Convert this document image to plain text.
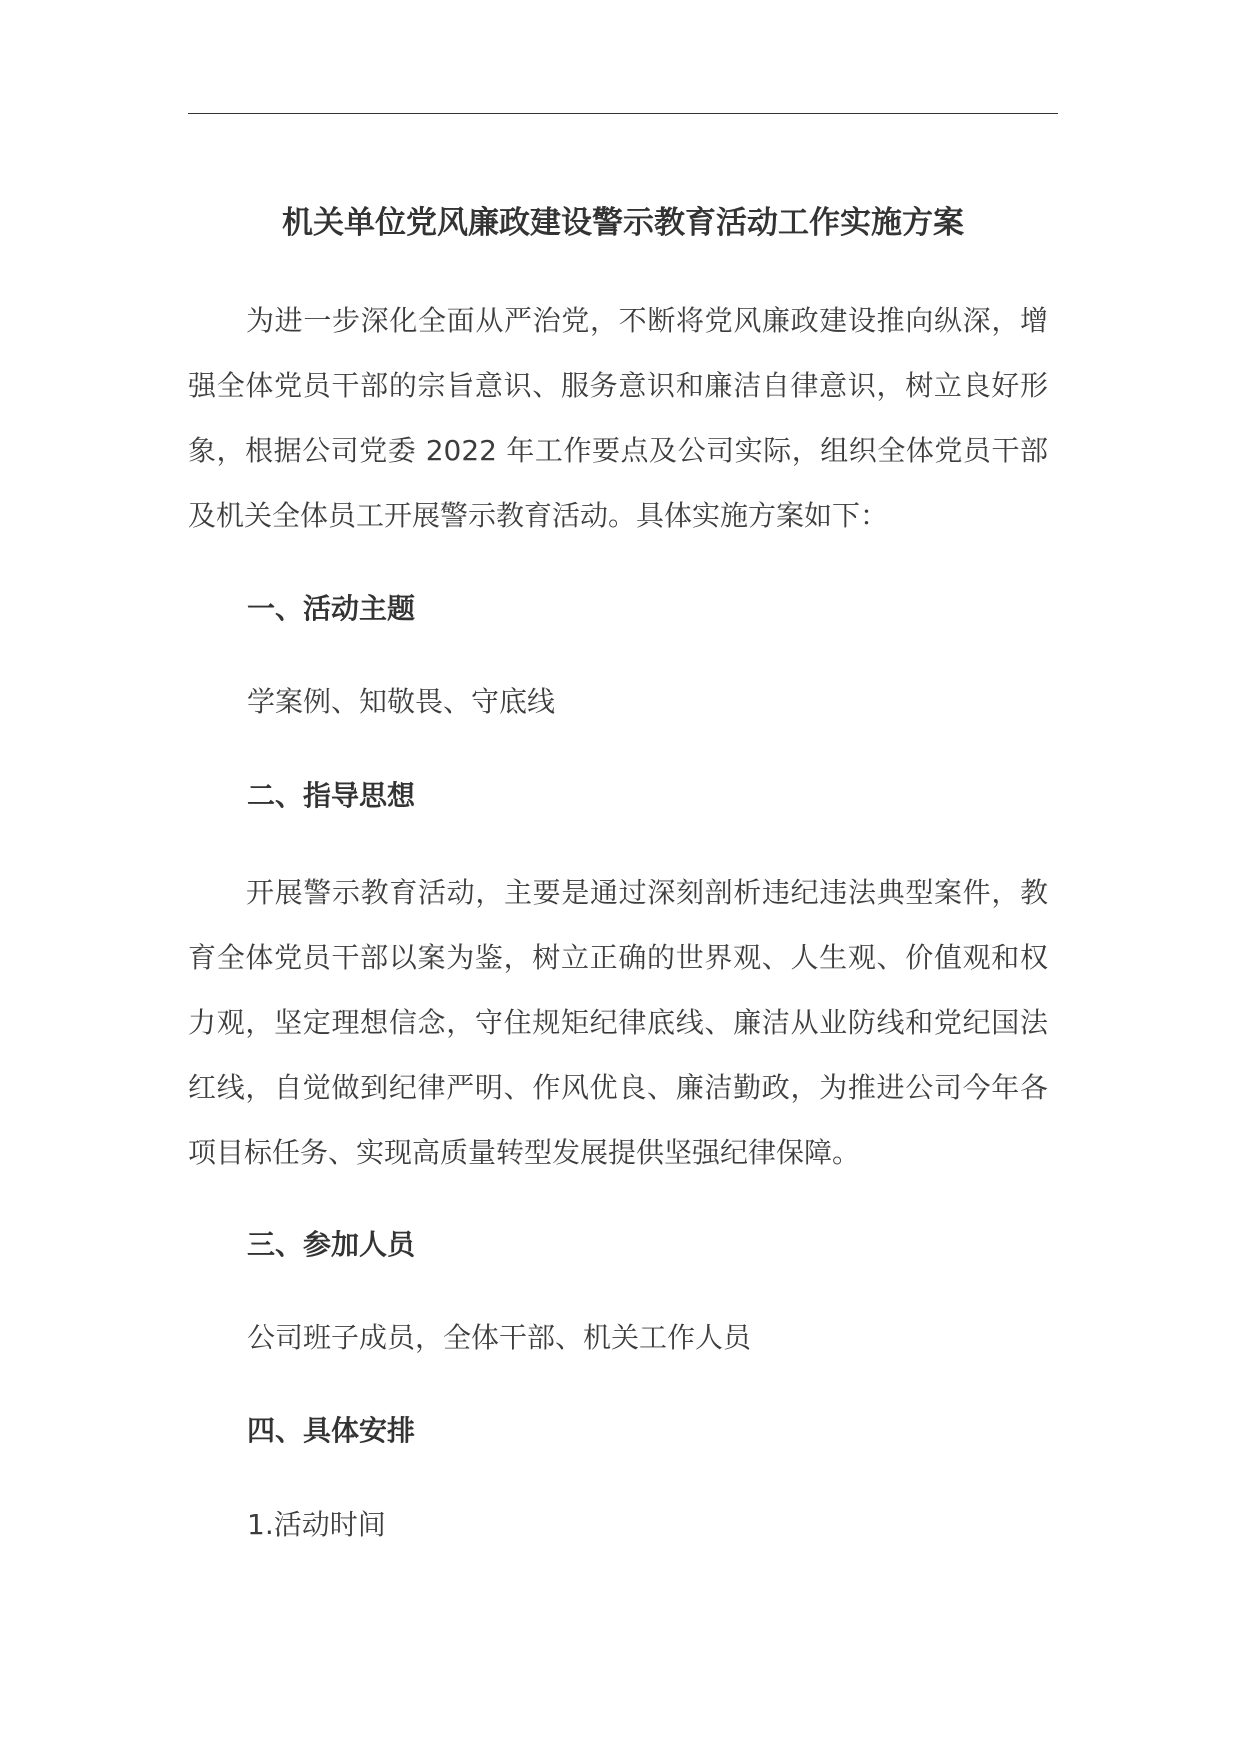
机关单位党风廉政建设警示教育活动工作实施方案

为进一步深化全面从严治党，不断将党风廉政建设推向纵深，增强全体党员干部的宗旨意识、服务意识和廉洁自律意识，树立良好形象，根据公司党委 2022 年工作要点及公司实际，组织全体党员干部及机关全体员工开展警示教育活动。具体实施方案如下：

一、活动主题
学案例、知敬畏、守底线
二、指导思想

开展警示教育活动，主要是通过深刻剖析违纪违法典型案件，教育全体党员干部以案为鉴，树立正确的世界观、人生观、价值观和权力观，坚定理想信念，守住规矩纪律底线、廉洁从业防线和党纪国法红线，自觉做到纪律严明、作风优良、廉洁勤政，为推进公司今年各项目标任务、实现高质量转型发展提供坚强纪律保障。

三、参加人员
公司班子成员，全体干部、机关工作人员
四、具体安排
1.活动时间
